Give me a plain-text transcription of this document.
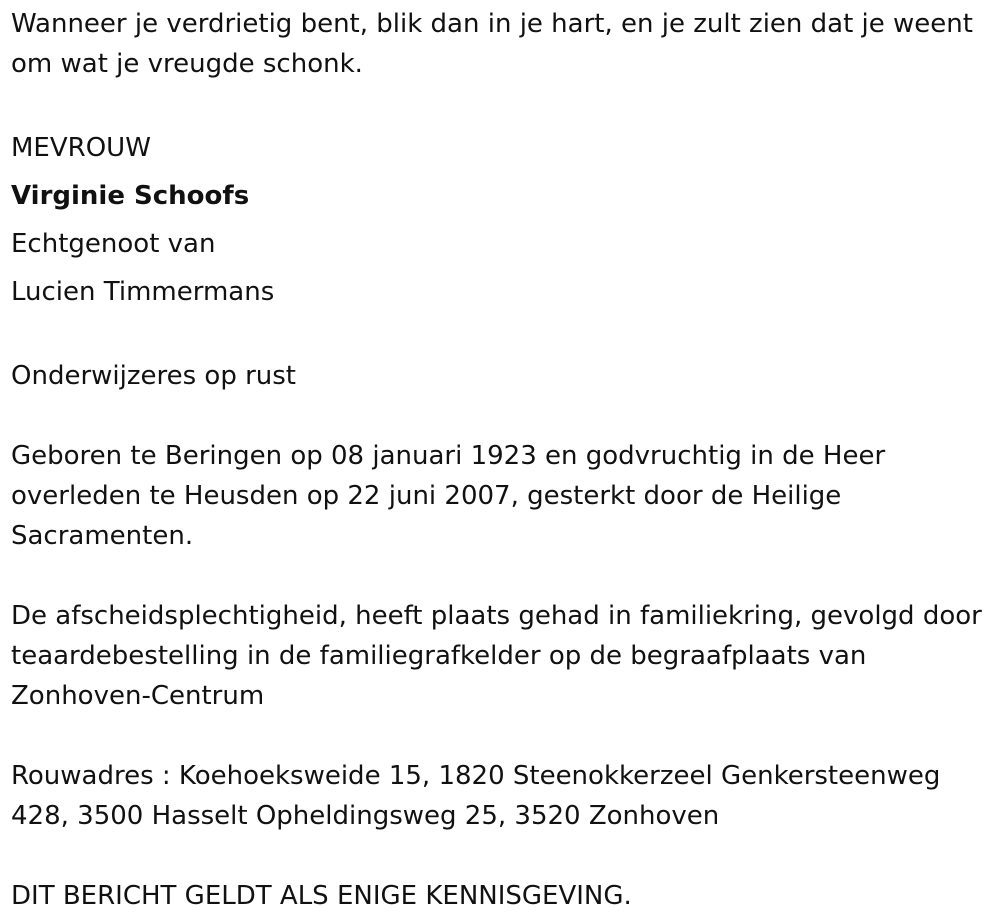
Wanneer je verdrietig bent, blik dan in je hart, en je zult zien dat je weent om wat je vreugde schonk.

MEVROUW

Virginie Schoofs

Echtgenoot van

Lucien Timmermans

Onderwijzeres op rust

Geboren te Beringen op 08 januari 1923 en godvruchtig in de Heer overleden te Heusden op 22 juni 2007, gesterkt door de Heilige Sacramenten.

De afscheidsplechtigheid, heeft plaats gehad in familiekring, gevolgd door teaardebestelling in de familiegrafkelder op de begraafplaats van Zonhoven-Centrum

Rouwadres : Koehoeksweide 15, 1820 Steenokkerzeel Genkersteenweg 428, 3500 Hasselt Opheldingsweg 25, 3520 Zonhoven

DIT BERICHT GELDT ALS ENIGE KENNISGEVING.
